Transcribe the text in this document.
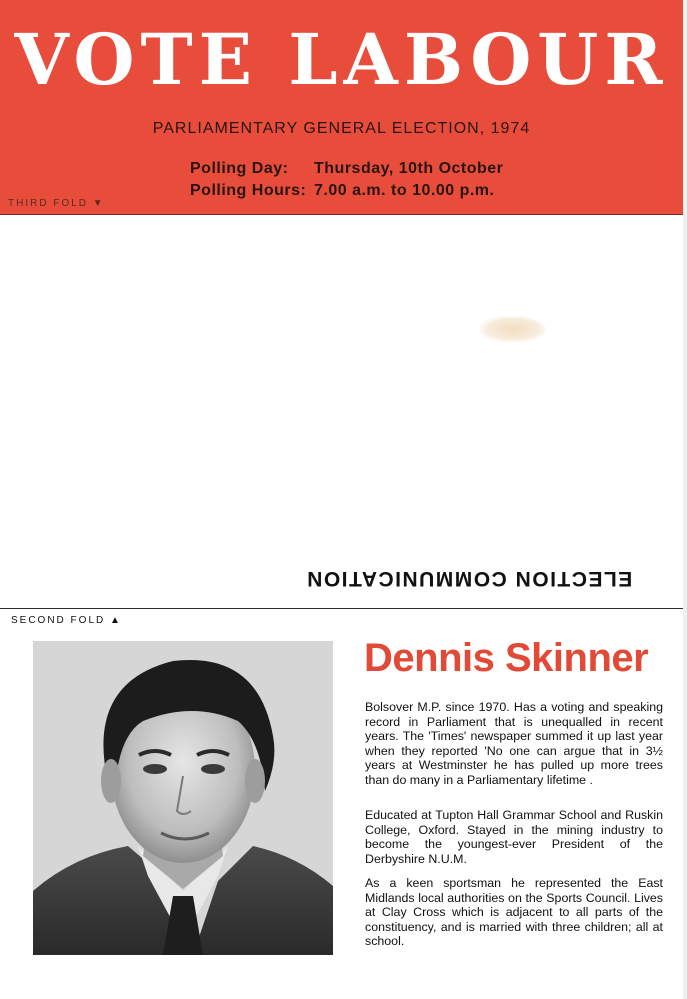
VOTE LABOUR
PARLIAMENTARY GENERAL ELECTION, 1974
Polling Day: Thursday, 10th October
Polling Hours: 7.00 a.m. to 10.00 p.m.
THIRD FOLD ▼
ELECTION COMMUNICATION
SECOND FOLD ▲
Dennis Skinner

Bolsover M.P. since 1970. Has a voting and speaking record in Parliament that is unequalled in recent years. The 'Times' newspaper summed it up last year when they reported 'No one can argue that in 3½ years at Westminster he has pulled up more trees than do many in a Parliamentary lifetime .

Educated at Tupton Hall Grammar School and Ruskin College, Oxford. Stayed in the mining industry to become the youngest-ever President of the Derbyshire N.U.M.

As a keen sportsman he represented the East Midlands local authorities on the Sports Council. Lives at Clay Cross which is adjacent to all parts of the constituency, and is married with three children; all at school.
